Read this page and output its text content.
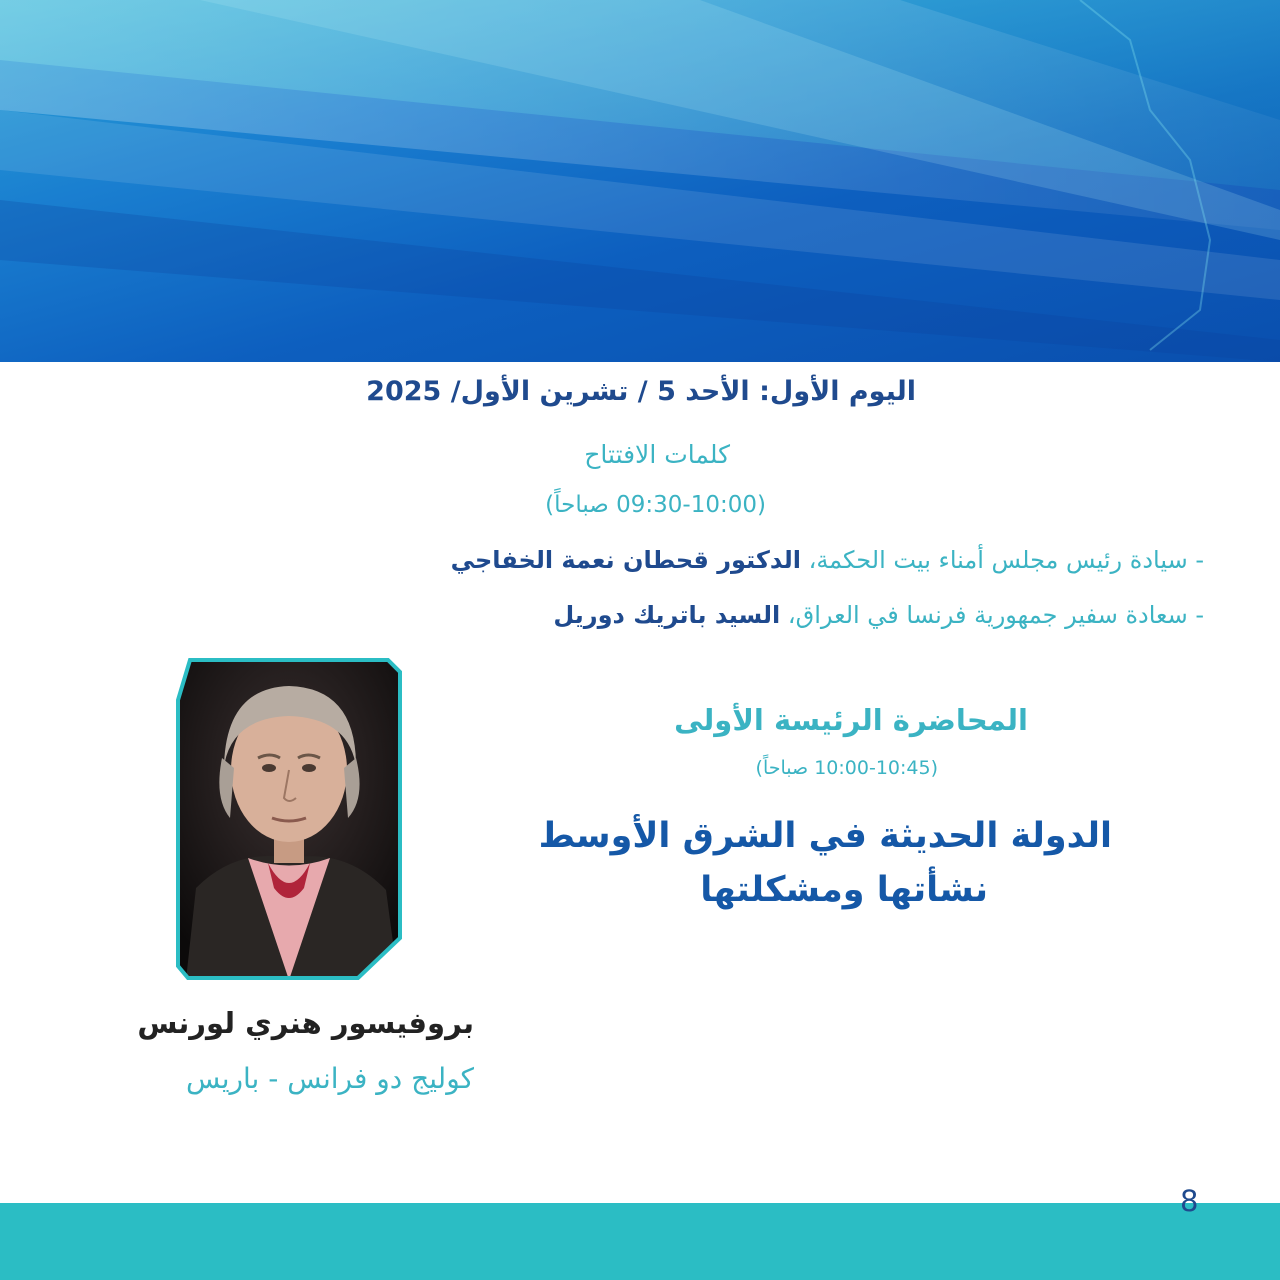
اليوم الأول: الأحد 5 / تشرين الأول/ 2025

كلمات الافتتاح

(09:30-10:00 صباحاً)

- سيادة رئيس مجلس أمناء بيت الحكمة، الدكتور قحطان نعمة الخفاجي

- سعادة سفير جمهورية فرنسا في العراق، السيد باتريك دوريل

المحاضرة الرئيسة الأولى

(10:00-10:45 صباحاً)

الدولة الحديثة في الشرق الأوسط

نشأتها ومشكلتها

بروفيسور هنري لورنس

كوليج دو فرانس - باريس

8
